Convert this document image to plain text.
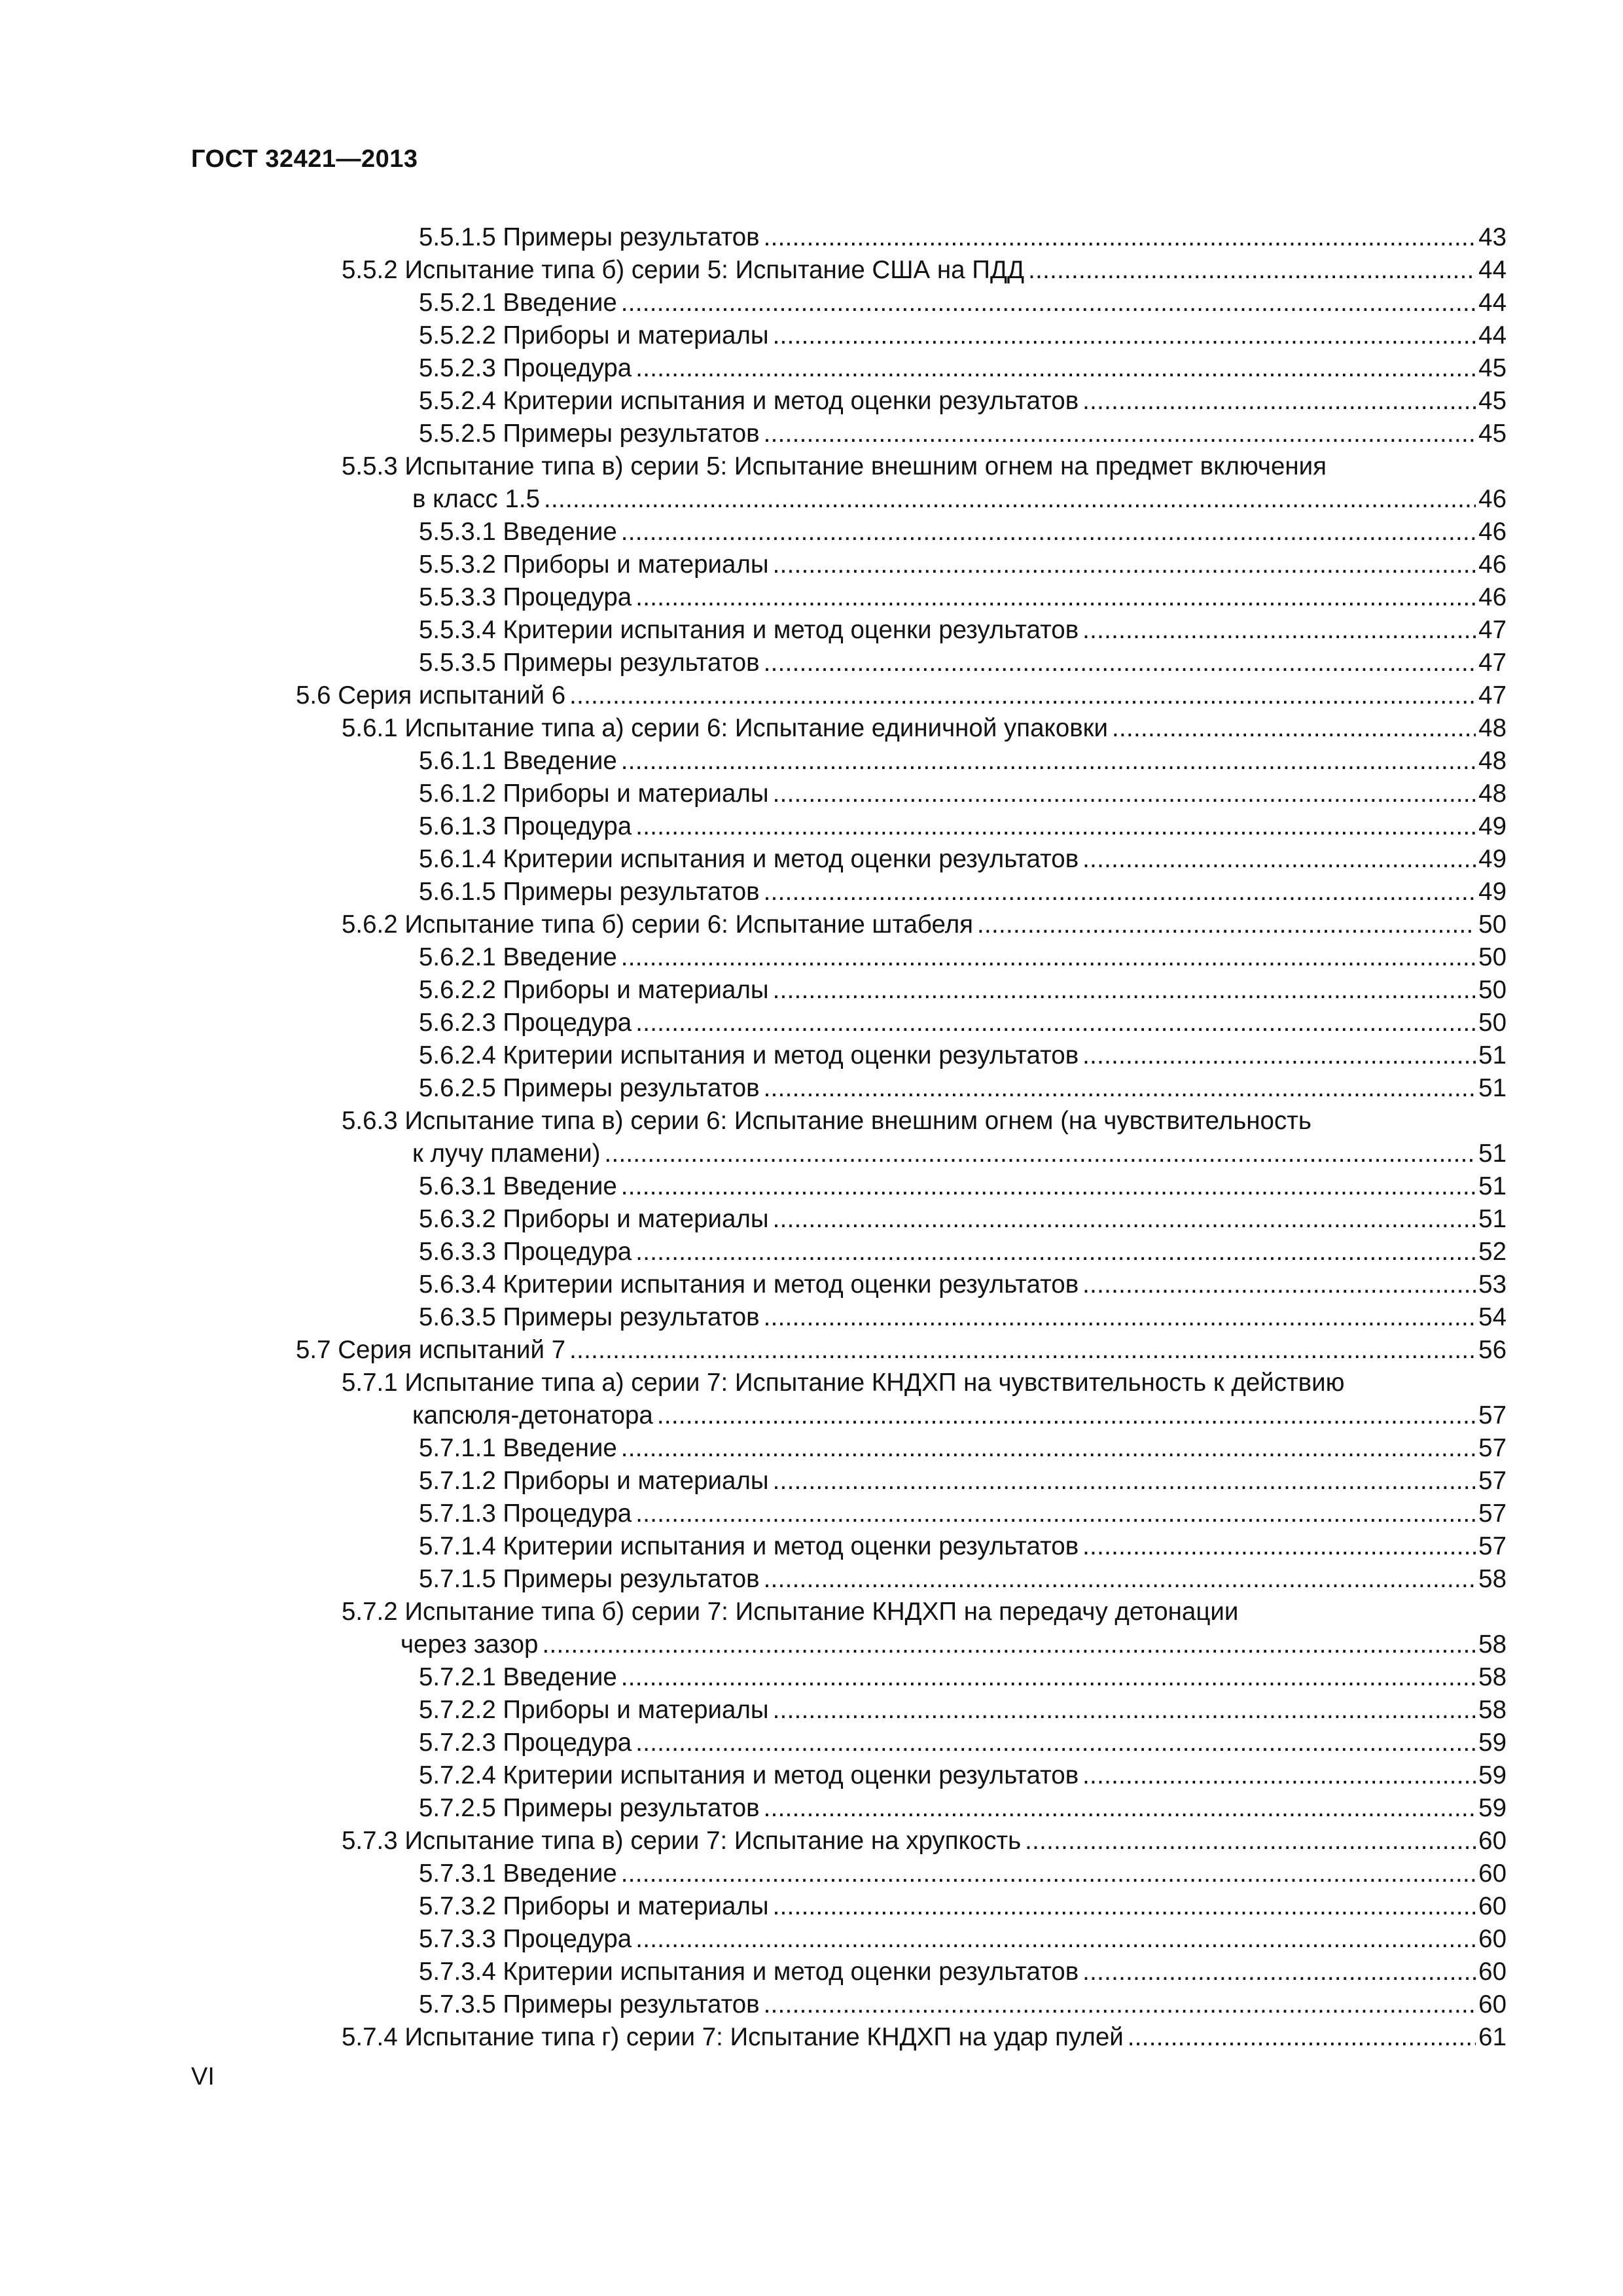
ГОСТ 32421—2013
5.5.1.5 Примеры результатов . . .	43
5.5.2 Испытание типа б) серии 5: Испытание США на ПДД . . .	44
5.5.2.1 Введение . . .	44
5.5.2.2 Приборы и материалы . . .	44
5.5.2.3 Процедура . . .	45
5.5.2.4 Критерии испытания и метод оценки результатов . . .	45
5.5.2.5 Примеры результатов . . .	45
5.5.3 Испытание типа в) серии 5: Испытание внешним огнем на предмет включения
в класс 1.5 . . .	46
5.5.3.1 Введение . . .	46
5.5.3.2 Приборы и материалы . . .	46
5.5.3.3 Процедура . . .	46
5.5.3.4 Критерии испытания и метод оценки результатов . . .	47
5.5.3.5 Примеры результатов . . .	47
5.6 Серия испытаний 6 . . .	47
5.6.1 Испытание типа а) серии 6: Испытание единичной упаковки . . .	48
5.6.1.1 Введение . . .	48
5.6.1.2 Приборы и материалы . . .	48
5.6.1.3 Процедура . . .	49
5.6.1.4 Критерии испытания и метод оценки результатов . . .	49
5.6.1.5 Примеры результатов . . .	49
5.6.2 Испытание типа б) серии 6: Испытание штабеля . . .	50
5.6.2.1 Введение . . .	50
5.6.2.2 Приборы и материалы . . .	50
5.6.2.3 Процедура . . .	50
5.6.2.4 Критерии испытания и метод оценки результатов . . .	51
5.6.2.5 Примеры результатов . . .	51
5.6.3 Испытание типа в) серии 6: Испытание внешним огнем (на чувствительность
к лучу пламени) . . .	51
5.6.3.1 Введение . . .	51
5.6.3.2 Приборы и материалы . . .	51
5.6.3.3 Процедура . . .	52
5.6.3.4 Критерии испытания и метод оценки результатов . . .	53
5.6.3.5 Примеры результатов . . .	54
5.7 Серия испытаний 7 . . .	56
5.7.1 Испытание типа а) серии 7: Испытание КНДХП на чувствительность к действию
капсюля-детонатора . . .	57
5.7.1.1 Введение . . .	57
5.7.1.2 Приборы и материалы . . .	57
5.7.1.3 Процедура . . .	57
5.7.1.4 Критерии испытания и метод оценки результатов . . .	57
5.7.1.5 Примеры результатов . . .	58
5.7.2 Испытание типа б) серии 7: Испытание КНДХП на передачу детонации
через зазор . . .	58
5.7.2.1 Введение . . .	58
5.7.2.2 Приборы и материалы . . .	58
5.7.2.3 Процедура . . .	59
5.7.2.4 Критерии испытания и метод оценки результатов . . .	59
5.7.2.5 Примеры результатов . . .	59
5.7.3 Испытание типа в) серии 7: Испытание на хрупкость . . .	60
5.7.3.1 Введение . . .	60
5.7.3.2 Приборы и материалы . . .	60
5.7.3.3 Процедура . . .	60
5.7.3.4 Критерии испытания и метод оценки результатов . . .	60
5.7.3.5 Примеры результатов . . .	60
5.7.4 Испытание типа г) серии 7: Испытание КНДХП на удар пулей . . .	61
VI
